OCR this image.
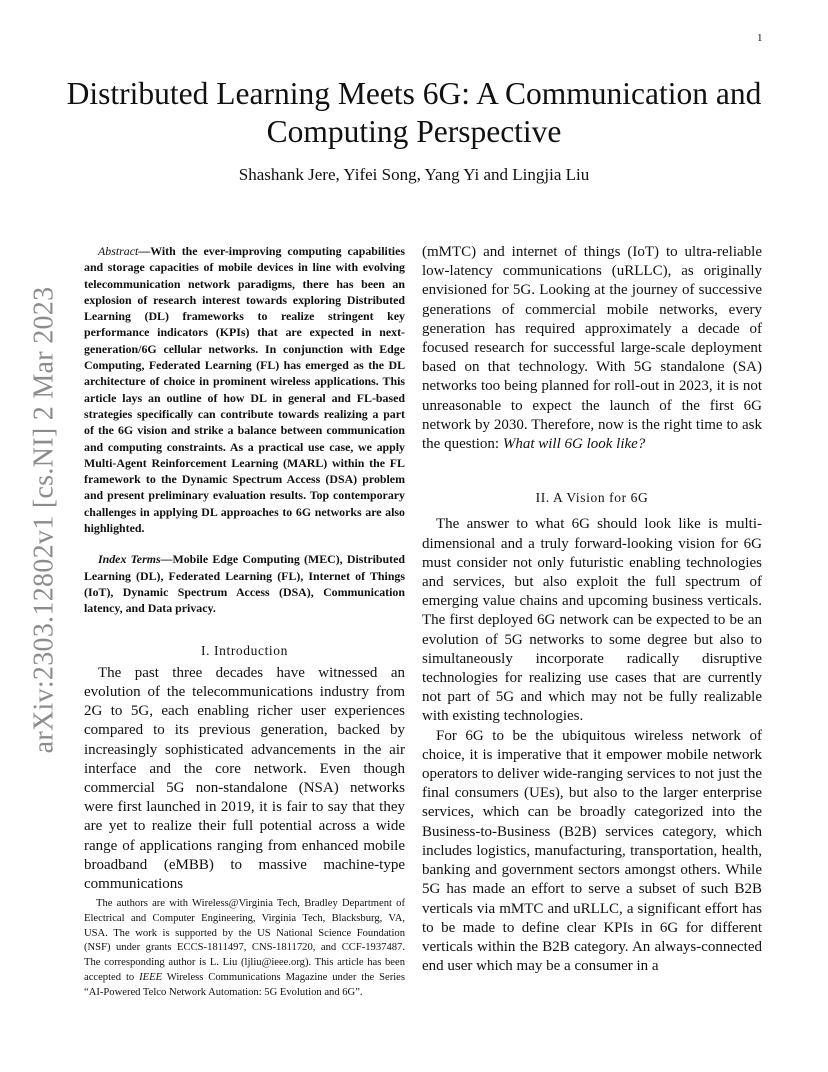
1
arXiv:2303.12802v1 [cs.NI] 2 Mar 2023
Distributed Learning Meets 6G: A Communication and Computing Perspective
Shashank Jere, Yifei Song, Yang Yi and Lingjia Liu

Abstract—With the ever-improving computing capabilities and storage capacities of mobile devices in line with evolving telecommunication network paradigms, there has been an explosion of research interest towards exploring Distributed Learning (DL) frameworks to realize stringent key performance indicators (KPIs) that are expected in next-generation/6G cellular networks. In conjunction with Edge Computing, Federated Learning (FL) has emerged as the DL architecture of choice in prominent wireless applications. This article lays an outline of how DL in general and FL-based strategies specifically can contribute towards realizing a part of the 6G vision and strike a balance between communication and computing constraints. As a practical use case, we apply Multi-Agent Reinforcement Learning (MARL) within the FL framework to the Dynamic Spectrum Access (DSA) problem and present preliminary evaluation results. Top contemporary challenges in applying DL approaches to 6G networks are also highlighted.

Index Terms—Mobile Edge Computing (MEC), Distributed Learning (DL), Federated Learning (FL), Internet of Things (IoT), Dynamic Spectrum Access (DSA), Communication latency, and Data privacy.

I. Introduction

The past three decades have witnessed an evolution of the telecommunications industry from 2G to 5G, each enabling richer user experiences compared to its previous generation, backed by increasingly sophisticated advancements in the air interface and the core network. Even though commercial 5G non-standalone (NSA) networks were first launched in 2019, it is fair to say that they are yet to realize their full potential across a wide range of applications ranging from enhanced mobile broadband (eMBB) to massive machine-type communications

The authors are with Wireless@Virginia Tech, Bradley Department of Electrical and Computer Engineering, Virginia Tech, Blacksburg, VA, USA. The work is supported by the US National Science Foundation (NSF) under grants ECCS-1811497, CNS-1811720, and CCF-1937487. The corresponding author is L. Liu (ljliu@ieee.org). This article has been accepted to IEEE Wireless Communications Magazine under the Series “AI-Powered Telco Network Automation: 5G Evolution and 6G”.

(mMTC) and internet of things (IoT) to ultra-reliable low-latency communications (uRLLC), as originally envisioned for 5G. Looking at the journey of successive generations of commercial mobile networks, every generation has required approximately a decade of focused research for successful large-scale deployment based on that technology. With 5G standalone (SA) networks too being planned for roll-out in 2023, it is not unreasonable to expect the launch of the first 6G network by 2030. Therefore, now is the right time to ask the question: What will 6G look like?

II. A Vision for 6G

The answer to what 6G should look like is multi-dimensional and a truly forward-looking vision for 6G must consider not only futuristic enabling technologies and services, but also exploit the full spectrum of emerging value chains and upcoming business verticals. The first deployed 6G network can be expected to be an evolution of 5G networks to some degree but also to simultaneously incorporate radically disruptive technologies for realizing use cases that are currently not part of 5G and which may not be fully realizable with existing technologies.

For 6G to be the ubiquitous wireless network of choice, it is imperative that it empower mobile network operators to deliver wide-ranging services to not just the final consumers (UEs), but also to the larger enterprise services, which can be broadly categorized into the Business-to-Business (B2B) services category, which includes logistics, manufacturing, transportation, health, banking and government sectors amongst others. While 5G has made an effort to serve a subset of such B2B verticals via mMTC and uRLLC, a significant effort has to be made to define clear KPIs in 6G for different verticals within the B2B category. An always-connected end user which may be a consumer in a
